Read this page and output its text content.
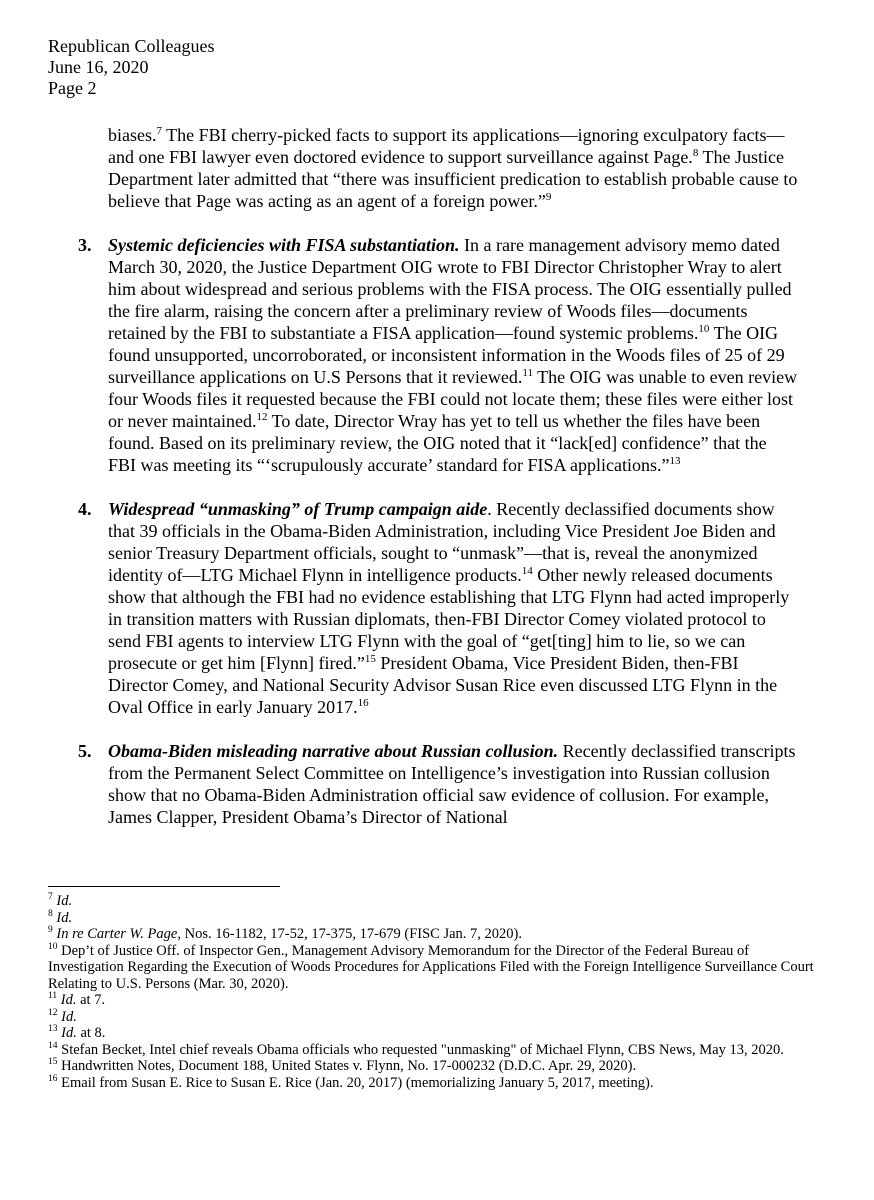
Republican Colleagues
June 16, 2020
Page 2

biases.$^7$ The FBI cherry-picked facts to support its applications—ignoring exculpatory facts—and one FBI lawyer even doctored evidence to support surveillance against Page.$^8$ The Justice Department later admitted that “there was insufficient predication to establish probable cause to believe that Page was acting as an agent of a foreign power.”$^9$

3. Systemic deficiencies with FISA substantiation. In a rare management advisory memo dated March 30, 2020, the Justice Department OIG wrote to FBI Director Christopher Wray to alert him about widespread and serious problems with the FISA process. The OIG essentially pulled the fire alarm, raising the concern after a preliminary review of Woods files—documents retained by the FBI to substantiate a FISA application—found systemic problems.$^{10}$ The OIG found unsupported, uncorroborated, or inconsistent information in the Woods files of 25 of 29 surveillance applications on U.S Persons that it reviewed.$^{11}$ The OIG was unable to even review four Woods files it requested because the FBI could not locate them; these files were either lost or never maintained.$^{12}$ To date, Director Wray has yet to tell us whether the files have been found. Based on its preliminary review, the OIG noted that it “lack[ed] confidence” that the FBI was meeting its “‘scrupulously accurate’ standard for FISA applications.”$^{13}$

4. Widespread “unmasking” of Trump campaign aide. Recently declassified documents show that 39 officials in the Obama-Biden Administration, including Vice President Joe Biden and senior Treasury Department officials, sought to “unmask”—that is, reveal the anonymized identity of—LTG Michael Flynn in intelligence products.$^{14}$ Other newly released documents show that although the FBI had no evidence establishing that LTG Flynn had acted improperly in transition matters with Russian diplomats, then-FBI Director Comey violated protocol to send FBI agents to interview LTG Flynn with the goal of “get[ting] him to lie, so we can prosecute or get him [Flynn] fired.”$^{15}$ President Obama, Vice President Biden, then-FBI Director Comey, and National Security Advisor Susan Rice even discussed LTG Flynn in the Oval Office in early January 2017.16

5. Obama-Biden misleading narrative about Russian collusion. Recently declassified transcripts from the Permanent Select Committee on Intelligence’s investigation into Russian collusion show that no Obama-Biden Administration official saw evidence of collusion. For example, James Clapper, President Obama’s Director of National

$^7$ Id.

$^8$ Id.

$^9$ In re Carter W. Page, Nos. 16-1182, 17-52, 17-375, 17-679 (FISC Jan. 7, 2020).

$^{10}$ Dep’t of Justice Off. of Inspector Gen., Management Advisory Memorandum for the Director of the Federal Bureau of Investigation Regarding the Execution of Woods Procedures for Applications Filed with the Foreign Intelligence Surveillance Court Relating to U.S. Persons (Mar. 30, 2020).

$^{11}$ Id. at 7.

$^{12}$ Id.

$^{13}$ Id. at 8.

$^{14}$ Stefan Becket, Intel chief reveals Obama officials who requested "unmasking" of Michael Flynn, CBS News, May 13, 2020.

$^{15}$ Handwritten Notes, Document 188, United States v. Flynn, No. 17-000232 (D.D.C. Apr. 29, 2020).

$^{16}$ Email from Susan E. Rice to Susan E. Rice (Jan. 20, 2017) (memorializing January 5, 2017, meeting).
